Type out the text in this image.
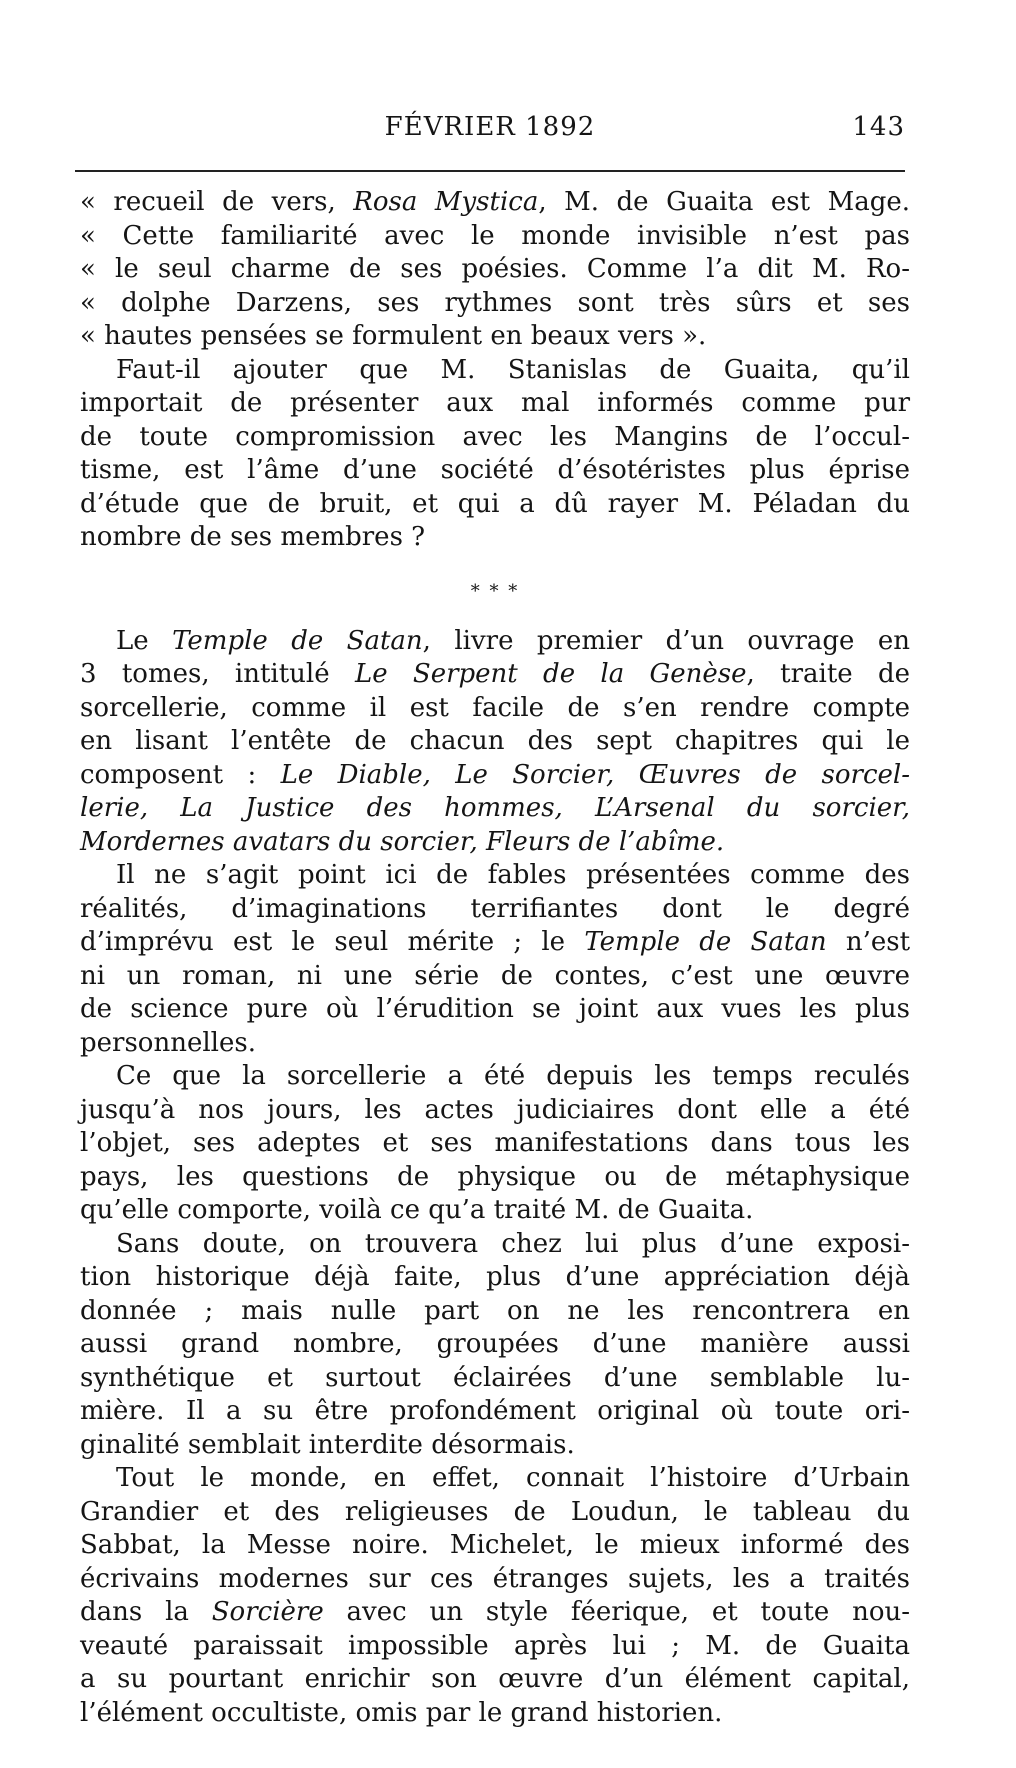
FÉVRIER 1892	143
« recueil de vers, Rosa Mystica, M. de Guaita est Mage.
« Cette familiarité avec le monde invisible n’est pas
« le seul charme de ses poésies. Comme l’a dit M. Ro-
« dolphe Darzens, ses rythmes sont très sûrs et ses
« hautes pensées se formulent en beaux vers ».
Faut-il ajouter que M. Stanislas de Guaita, qu’il
importait de présenter aux mal informés comme pur
de toute compromission avec les Mangins de l’occul-
tisme, est l’âme d’une société d’ésotéristes plus éprise
d’étude que de bruit, et qui a dû rayer M. Péladan du
nombre de ses membres ?
* * *
Le Temple de Satan, livre premier d’un ouvrage en
3 tomes, intitulé Le Serpent de la Genèse, traite de
sorcellerie, comme il est facile de s’en rendre compte
en lisant l’entête de chacun des sept chapitres qui le
composent : Le Diable, Le Sorcier, Œuvres de sorcel-
lerie, La Justice des hommes, L’Arsenal du sorcier,
Mordernes avatars du sorcier, Fleurs de l’abîme.
Il ne s’agit point ici de fables présentées comme des
réalités, d’imaginations terrifiantes dont le degré
d’imprévu est le seul mérite ; le Temple de Satan n’est
ni un roman, ni une série de contes, c’est une œuvre
de science pure où l’érudition se joint aux vues les plus
personnelles.
Ce que la sorcellerie a été depuis les temps reculés
jusqu’à nos jours, les actes judiciaires dont elle a été
l’objet, ses adeptes et ses manifestations dans tous les
pays, les questions de physique ou de métaphysique
qu’elle comporte, voilà ce qu’a traité M. de Guaita.
Sans doute, on trouvera chez lui plus d’une exposi-
tion historique déjà faite, plus d’une appréciation déjà
donnée ; mais nulle part on ne les rencontrera en
aussi grand nombre, groupées d’une manière aussi
synthétique et surtout éclairées d’une semblable lu-
mière. Il a su être profondément original où toute ori-
ginalité semblait interdite désormais.
Tout le monde, en effet, connait l’histoire d’Urbain
Grandier et des religieuses de Loudun, le tableau du
Sabbat, la Messe noire. Michelet, le mieux informé des
écrivains modernes sur ces étranges sujets, les a traités
dans la Sorcière avec un style féerique, et toute nou-
veauté paraissait impossible après lui ; M. de Guaita
a su pourtant enrichir son œuvre d’un élément capital,
l’élément occultiste, omis par le grand historien.
